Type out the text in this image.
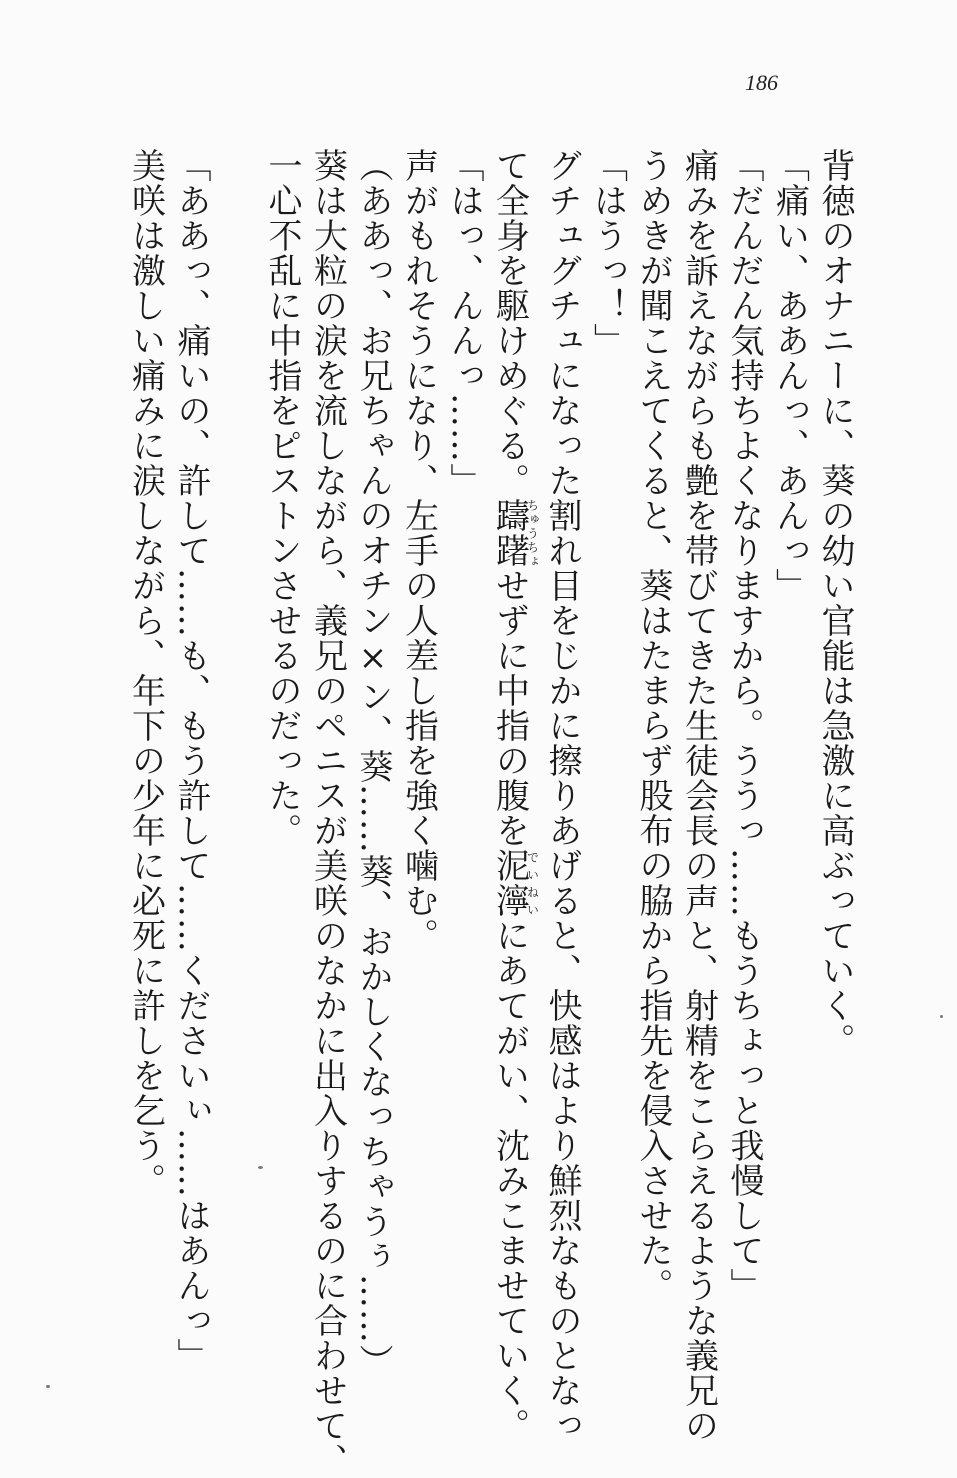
186
背徳のオナニーに、葵の幼い官能は急激に高ぶっていく。
「痛い、ああんっ、あんっ」
「だんだん気持ちよくなりますから。ううっ……もうちょっと我慢して」
痛みを訴えながらも艶を帯びてきた生徒会長の声と、射精をこらえるような義兄の
うめきが聞こえてくると、葵はたまらず股布の脇から指先を侵入させた。
「はうっ！」
グチュグチュになった割れ目をじかに擦りあげると、快感はより鮮烈なものとなっ
て全身を駆けめぐる。躊躇ちゅうちょせずに中指の腹を泥濘でいねいにあてがい、沈みこませていく。
「はっ、んんっ……」
声がもれそうになり、左手の人差し指を強く噛む。
（ああっ、お兄ちゃんのオチン×ン、葵……葵、おかしくなっちゃうぅ……）
葵は大粒の涙を流しながら、義兄のペニスが美咲のなかに出入りするのに合わせて、
一心不乱に中指をピストンさせるのだった。
「ああっ、痛いの、許して……も、もう許して……くださいぃ……はあんっ」
美咲は激しい痛みに涙しながら、年下の少年に必死に許しを乞う。
